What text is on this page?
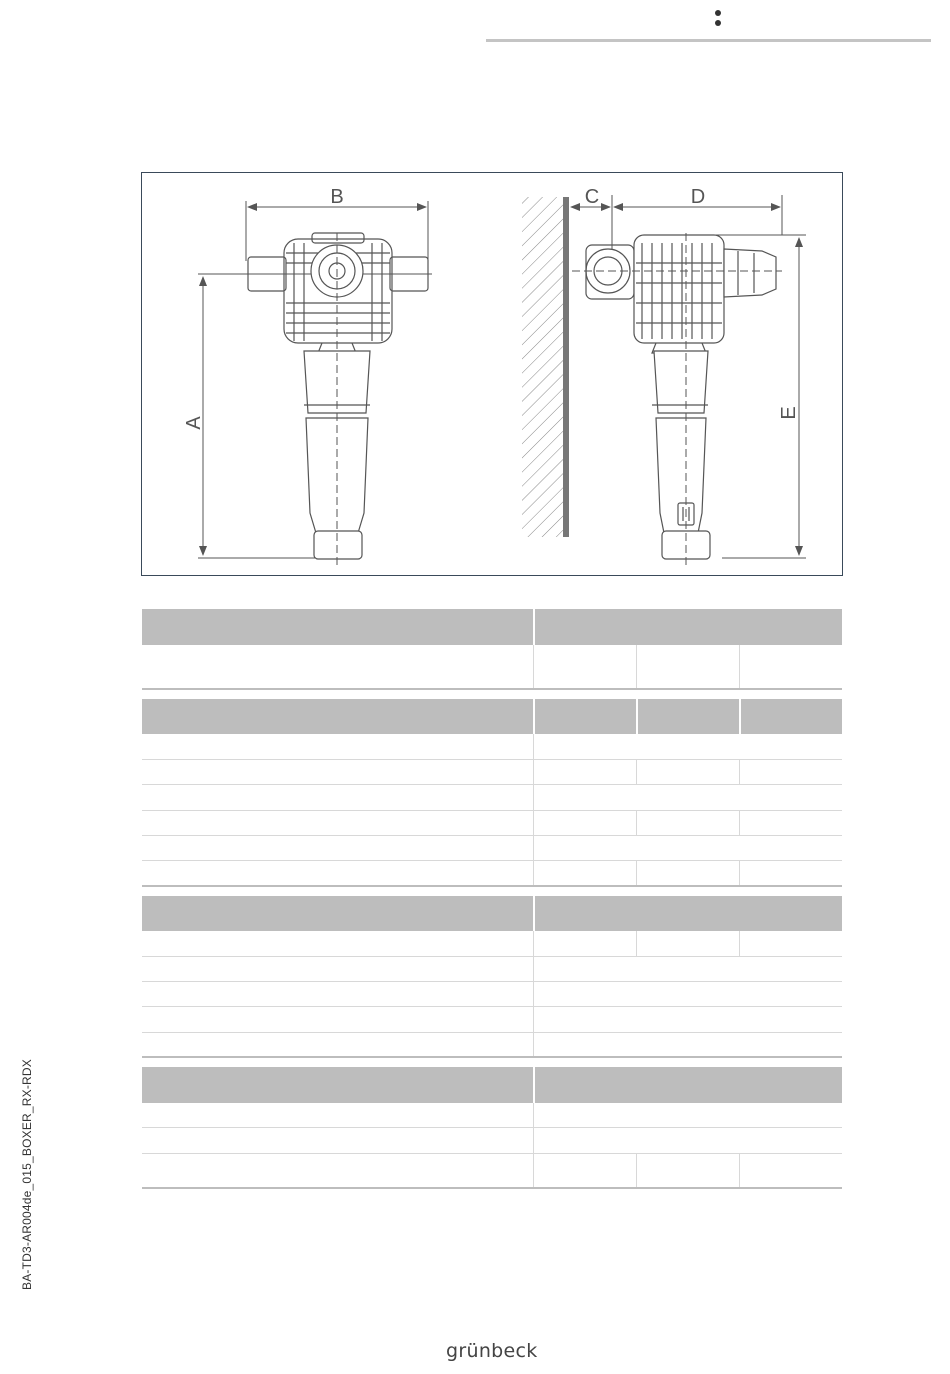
B
A
C	D
E
BA-TD3-AR004de_015_BOXER_RX-RDX
grünbeck
